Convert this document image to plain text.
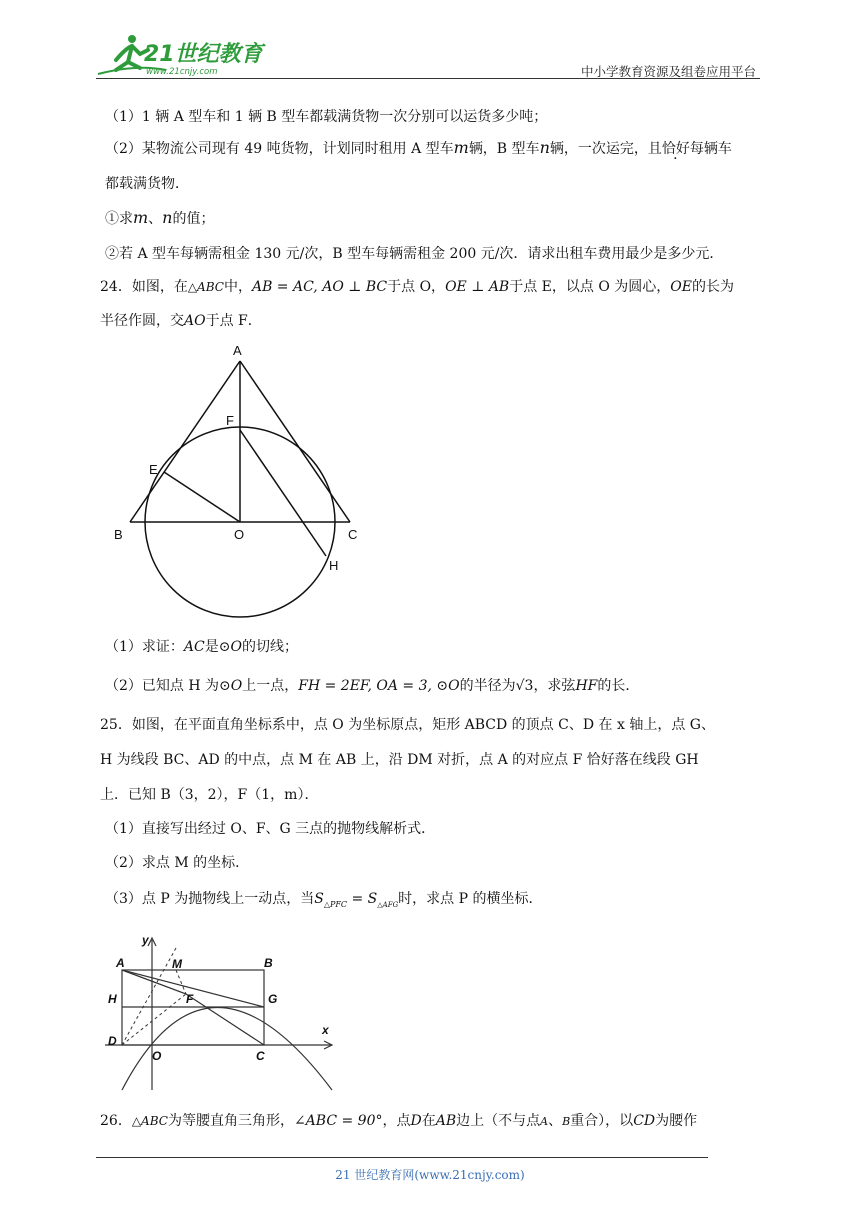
21世纪教育
www.21cnjy.com	中小学教育资源及组卷应用平台
（1）1 辆 A 型车和 1 辆 B 型车都载满货物一次分别可以运货多少吨；
（2）某物流公司现有 49 吨货物，计划同时租用 A 型车m辆，B 型车n辆，一次运完，且恰好每辆车
都载满货物．
①求m、n的值；
②若 A 型车每辆需租金 130 元/次，B 型车每辆需租金 200 元/次．请求出租车费用最少是多少元．
24．如图，在△ABC中，AB = AC, AO ⊥ BC于点 O，OE ⊥ AB于点 E，以点 O 为圆心，OE的长为
半径作圆，交AO于点 F．
A
B	C
E
F
O
H
（1）求证：AC是⊙O的切线；
（2）已知点 H 为⊙O上一点，FH = 2EF, OA = 3, ⊙O的半径为√3，求弦HF的长．
25．如图，在平面直角坐标系中，点 O 为坐标原点，矩形 ABCD 的顶点 C、D 在 x 轴上，点 G、
H 为线段 BC、AD 的中点，点 M 在 AB 上，沿 DM 对折，点 A 的对应点 F 恰好落在线段 GH
上．已知 B（3，2），F（1，m）．
（1）直接写出经过 O、F、G 三点的抛物线解析式．
（2）求点 M 的坐标．
（3）点 P 为抛物线上一动点，当$S_{\triangle PFC} = S_{\triangle AFG}$时，求点 P 的横坐标．
y
x
A	M	B
H	F	G
D
O	C
26．△ABC为等腰直角三角形，∠ABC = 90°，点D在AB边上（不与点A、B重合），以CD为腰作
21 世纪教育网(www.21cnjy.com)
